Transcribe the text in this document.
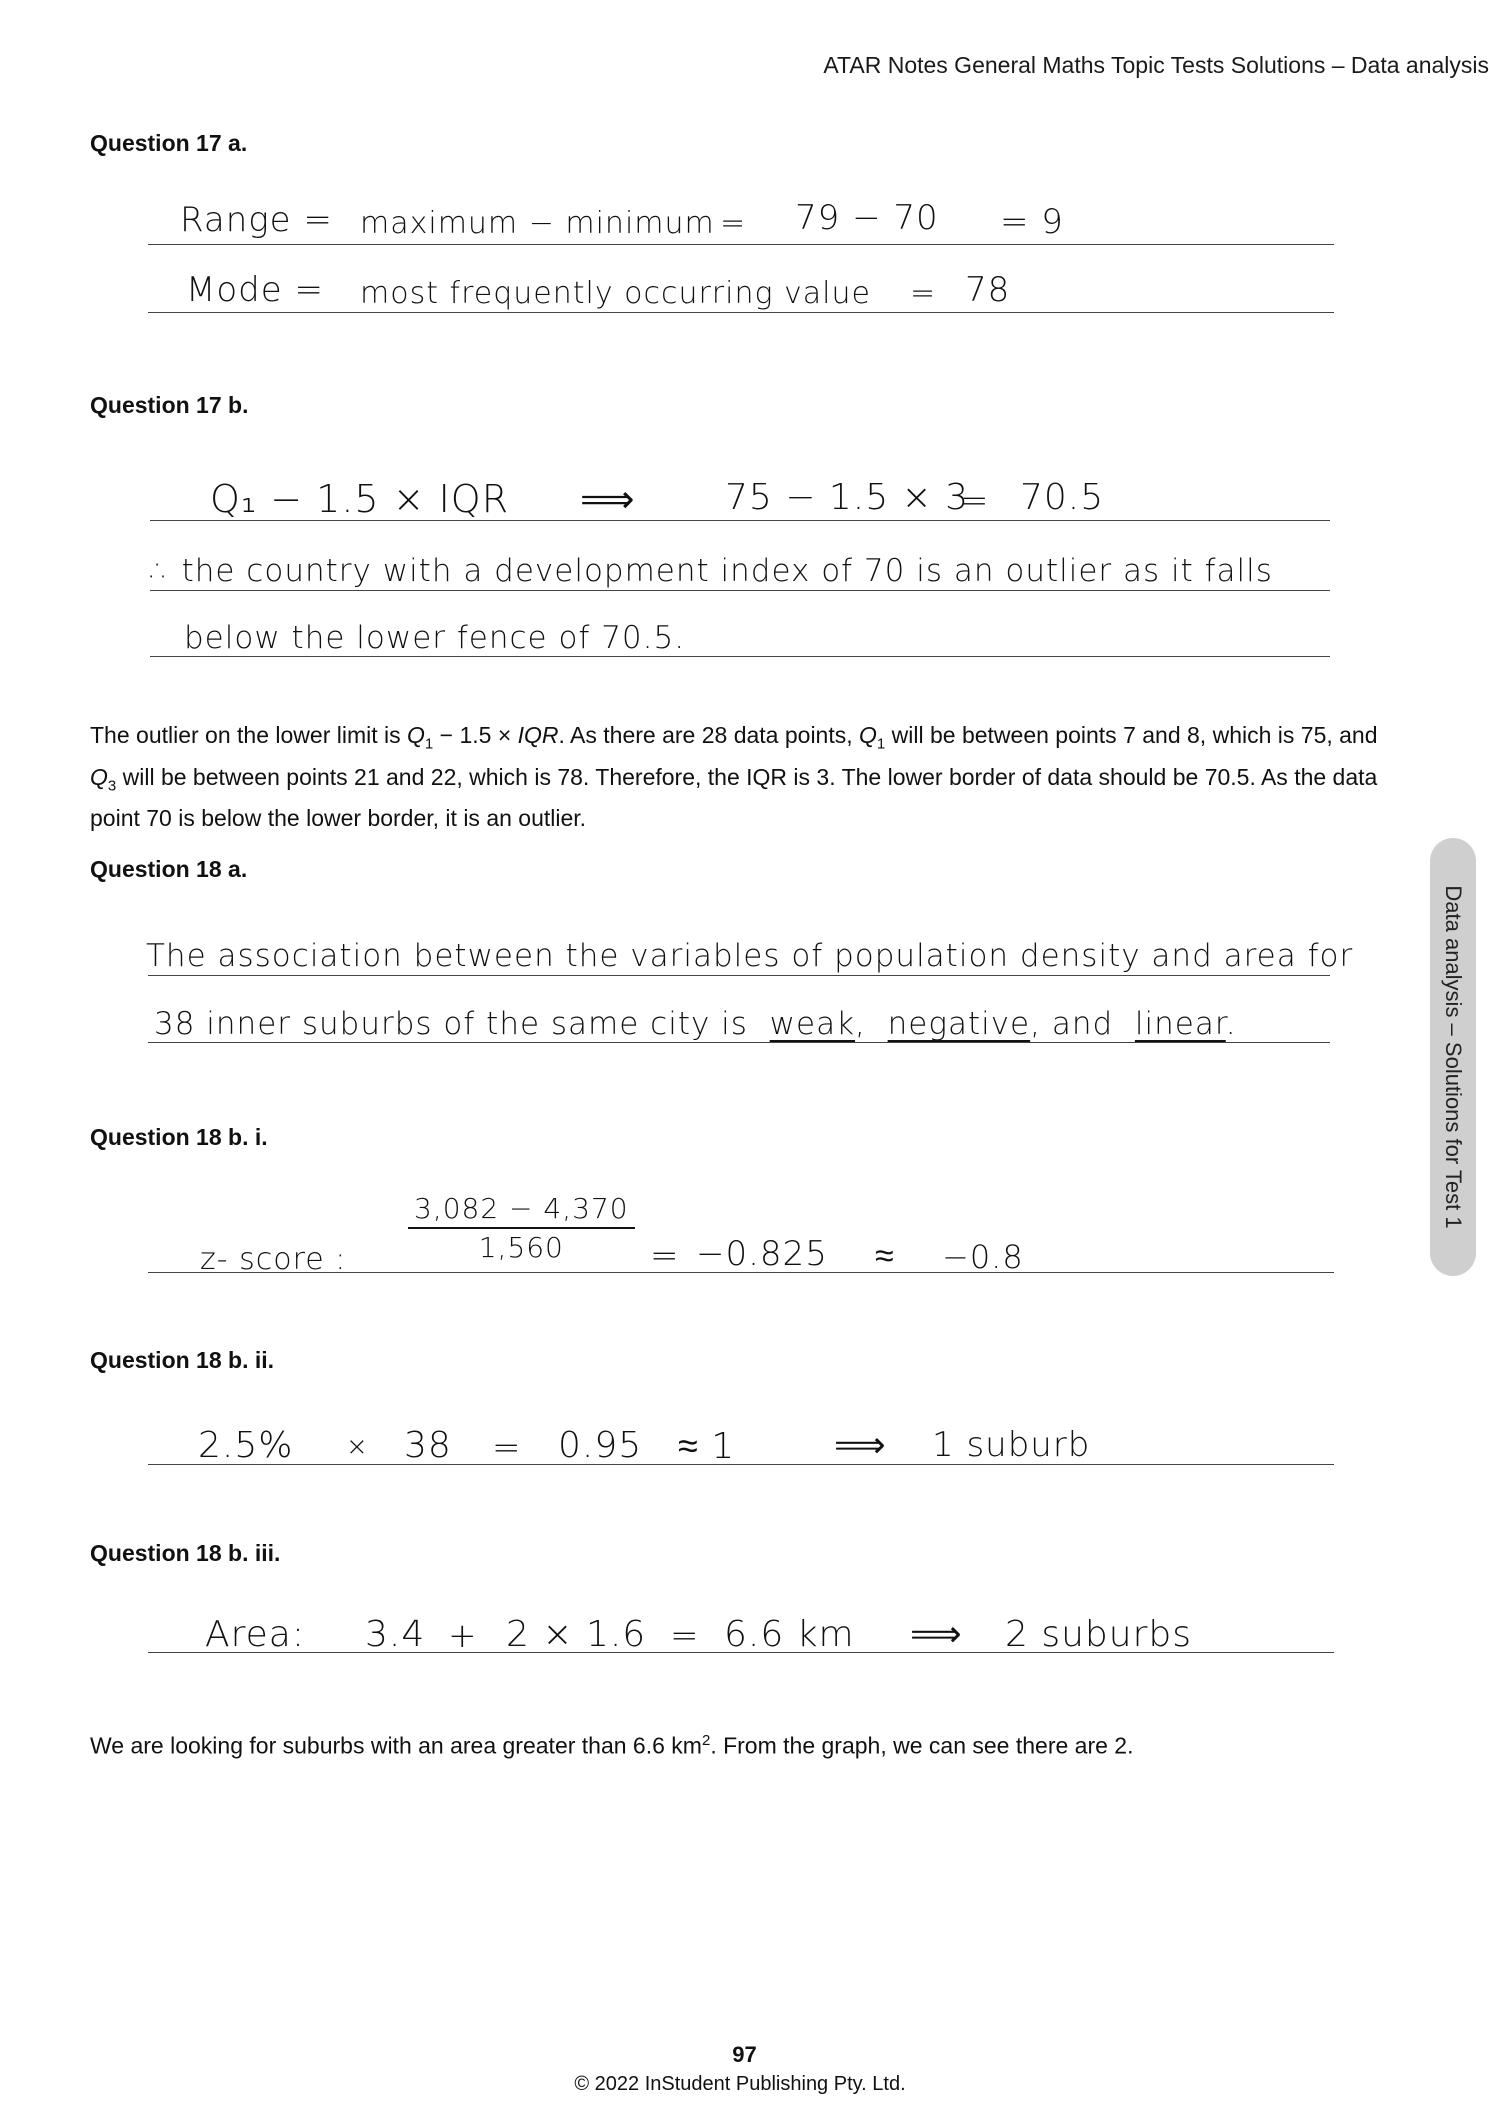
ATAR Notes General Maths Topic Tests Solutions – Data analysis
Data analysis – Solutions for Test 1
Question 17 a.
Range = maximum − minimum = 79 − 70 = 9
Mode = most frequently occurring value = 78
Question 17 b.
Q₁ − 1.5 × IQR ⟹ 75 − 1.5 × 3
= 70.5
∴ the country with a development index of 70 is an outlier as it falls
below the lower fence of 70.5.
The outlier on the lower limit is $Q_1 - 1.5$ × IQR. As there are 28 data points, $Q_1$ will be between points 7 and 8, which is 75, and $Q_3$ will be between points 21 and 22, which is 78. Therefore, the IQR is 3. The lower border of data should be 70.5. As the data point 70 is below the lower border, it is an outlier.
Question 18 a.
The association between the variables of population density and area for
38 inner suburbs of the same city is weak, negative, and linear.
Question 18 b. i.
z- score : $\frac{3,082 - 4,370}{1,560} = -0.825 \approx -0.8$
Question 18 b. ii.
2.5% × 38 = 0.95 ≈ 1	⟹ 1 suburb
Question 18 b. iii.
Area: 3.4 + 2 × 1.6 = 6.6 km ⟹ 2 suburbs
We are looking for suburbs with an area greater than 6.6 $km^2$. From the graph, we can see there are 2.
97
© 2022 InStudent Publishing Pty. Ltd.
